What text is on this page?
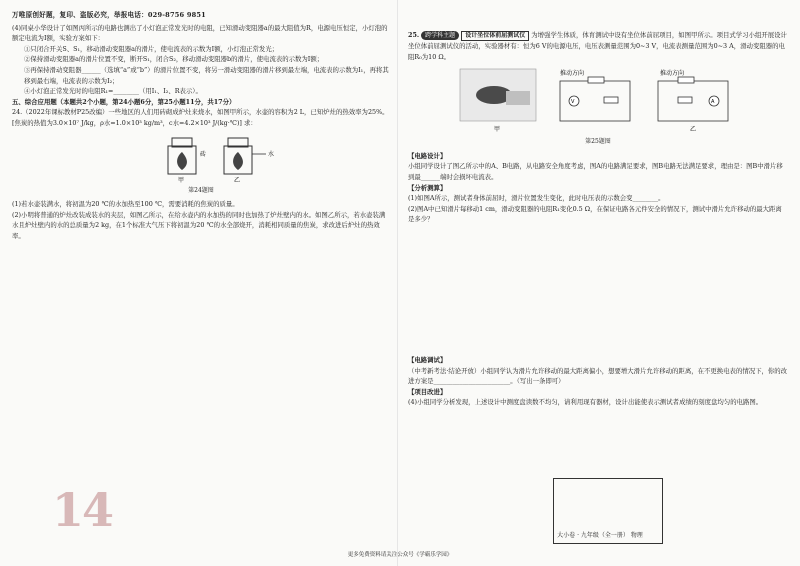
万唯原创好题，复印、盗版必究，举报电话：029-8756 9851

(4)同桌小华设计了如图丙所示的电路也测出了小灯泡正常发光时的电阻，已知滑动变阻器a的最大阻值为R，电源电压恒定，小灯泡的额定电流为I额，实验方案如下：

①只闭合开关S、S₁，移动滑动变阻器a的滑片，使电流表的示数为I额，小灯泡正常发光；

②保持滑动变阻器a的滑片位置不变，断开S₁，闭合S₂，移动滑动变阻器b的滑片，使电流表的示数为I额；

③再保持滑动变阻器______（选填“a”或“b”）的滑片位置不变，将另一滑动变阻器的滑片移到最左端，电流表的示数为I₁，再将其移到最右端，电流表的示数为I₂；

④小灯泡正常发光时的电阻R₁=________（用I₁、I₂、R表示）。

五、综合应用题（本题共2个小题，第24小题6分，第25小题11分，共17分）

24.（2022年课标教材P25改编）一些地区的人们用砖砌成炉灶来烧水，如图甲所示，水壶的容积为2 L，已知炉灶的热效率为25%。[焦炭的热值为3.0×10⁷ J/kg，ρ水=1.0×10³ kg/m³，c水=4.2×10³ J/(kg·℃)] 求：

甲
砖	水
乙
第24题图

(1)若水壶装满水，将初温为20 ℃的水加热至100 ℃，需要消耗的焦炭的质量。

(2)小明将普通的炉灶改装成装水的夹层，如图乙所示，在给水壶内的水加热的同时也加热了炉灶壁内的水。如图乙所示，若水壶装满水且炉灶壁内的水的总质量为2 kg，在1个标准大气压下将初温为20 ℃的水全部烧开，消耗相同质量的焦炭，求改进后炉灶的热效率。

14

25. 跨学科主题 设计坐位体前屈测试仪 为增强学生体质，体育测试中设有坐位体前屈项目，如图甲所示。项目式学习小组开展设计坐位体前屈测试仪的活动，实验器材有：恒为6 V的电源电压，电压表测量范围为0~3 V，电流表测量范围为0~3 A，滑动变阻器的电阻R₀为10 Ω。

甲
推动方向
V
推动方向
A
乙
第25题图

【电路设计】

小组同学设计了图乙所示中的A、B电路，从电路安全角度考虑，图A的电路满足要求，图B电路无法满足要求，理由是：图B中滑片移到最______端时会损坏电流表。

【分析测算】

(1)如图A所示，测试者身体前屈时，滑片位置发生变化，此时电压表的示数会变________。

(2)图A中已知滑片每移动1 cm，滑动变阻器的电阻R₁变化0.5 Ω，在保证电路各元件安全的情况下，测试中滑片允许移动的最大距离是多少？

【电路调试】

（中考新考法·结论开放）小组同学认为滑片允许移动的最大距离偏小，想要增大滑片允许移动的距离，在不更换电表的情况下，你的改进方案是________________________。（写出一条即可）

【项目改进】

(4)小组同学分析发现，上述设计中测度盘读数不均匀，请利用现有器材，设计出能使表示测试者成绩的刻度盘均匀的电路图。

大小卷 · 九年级（全一册） 物理
更多免费资料请关注公众号《学霸乐学园》
